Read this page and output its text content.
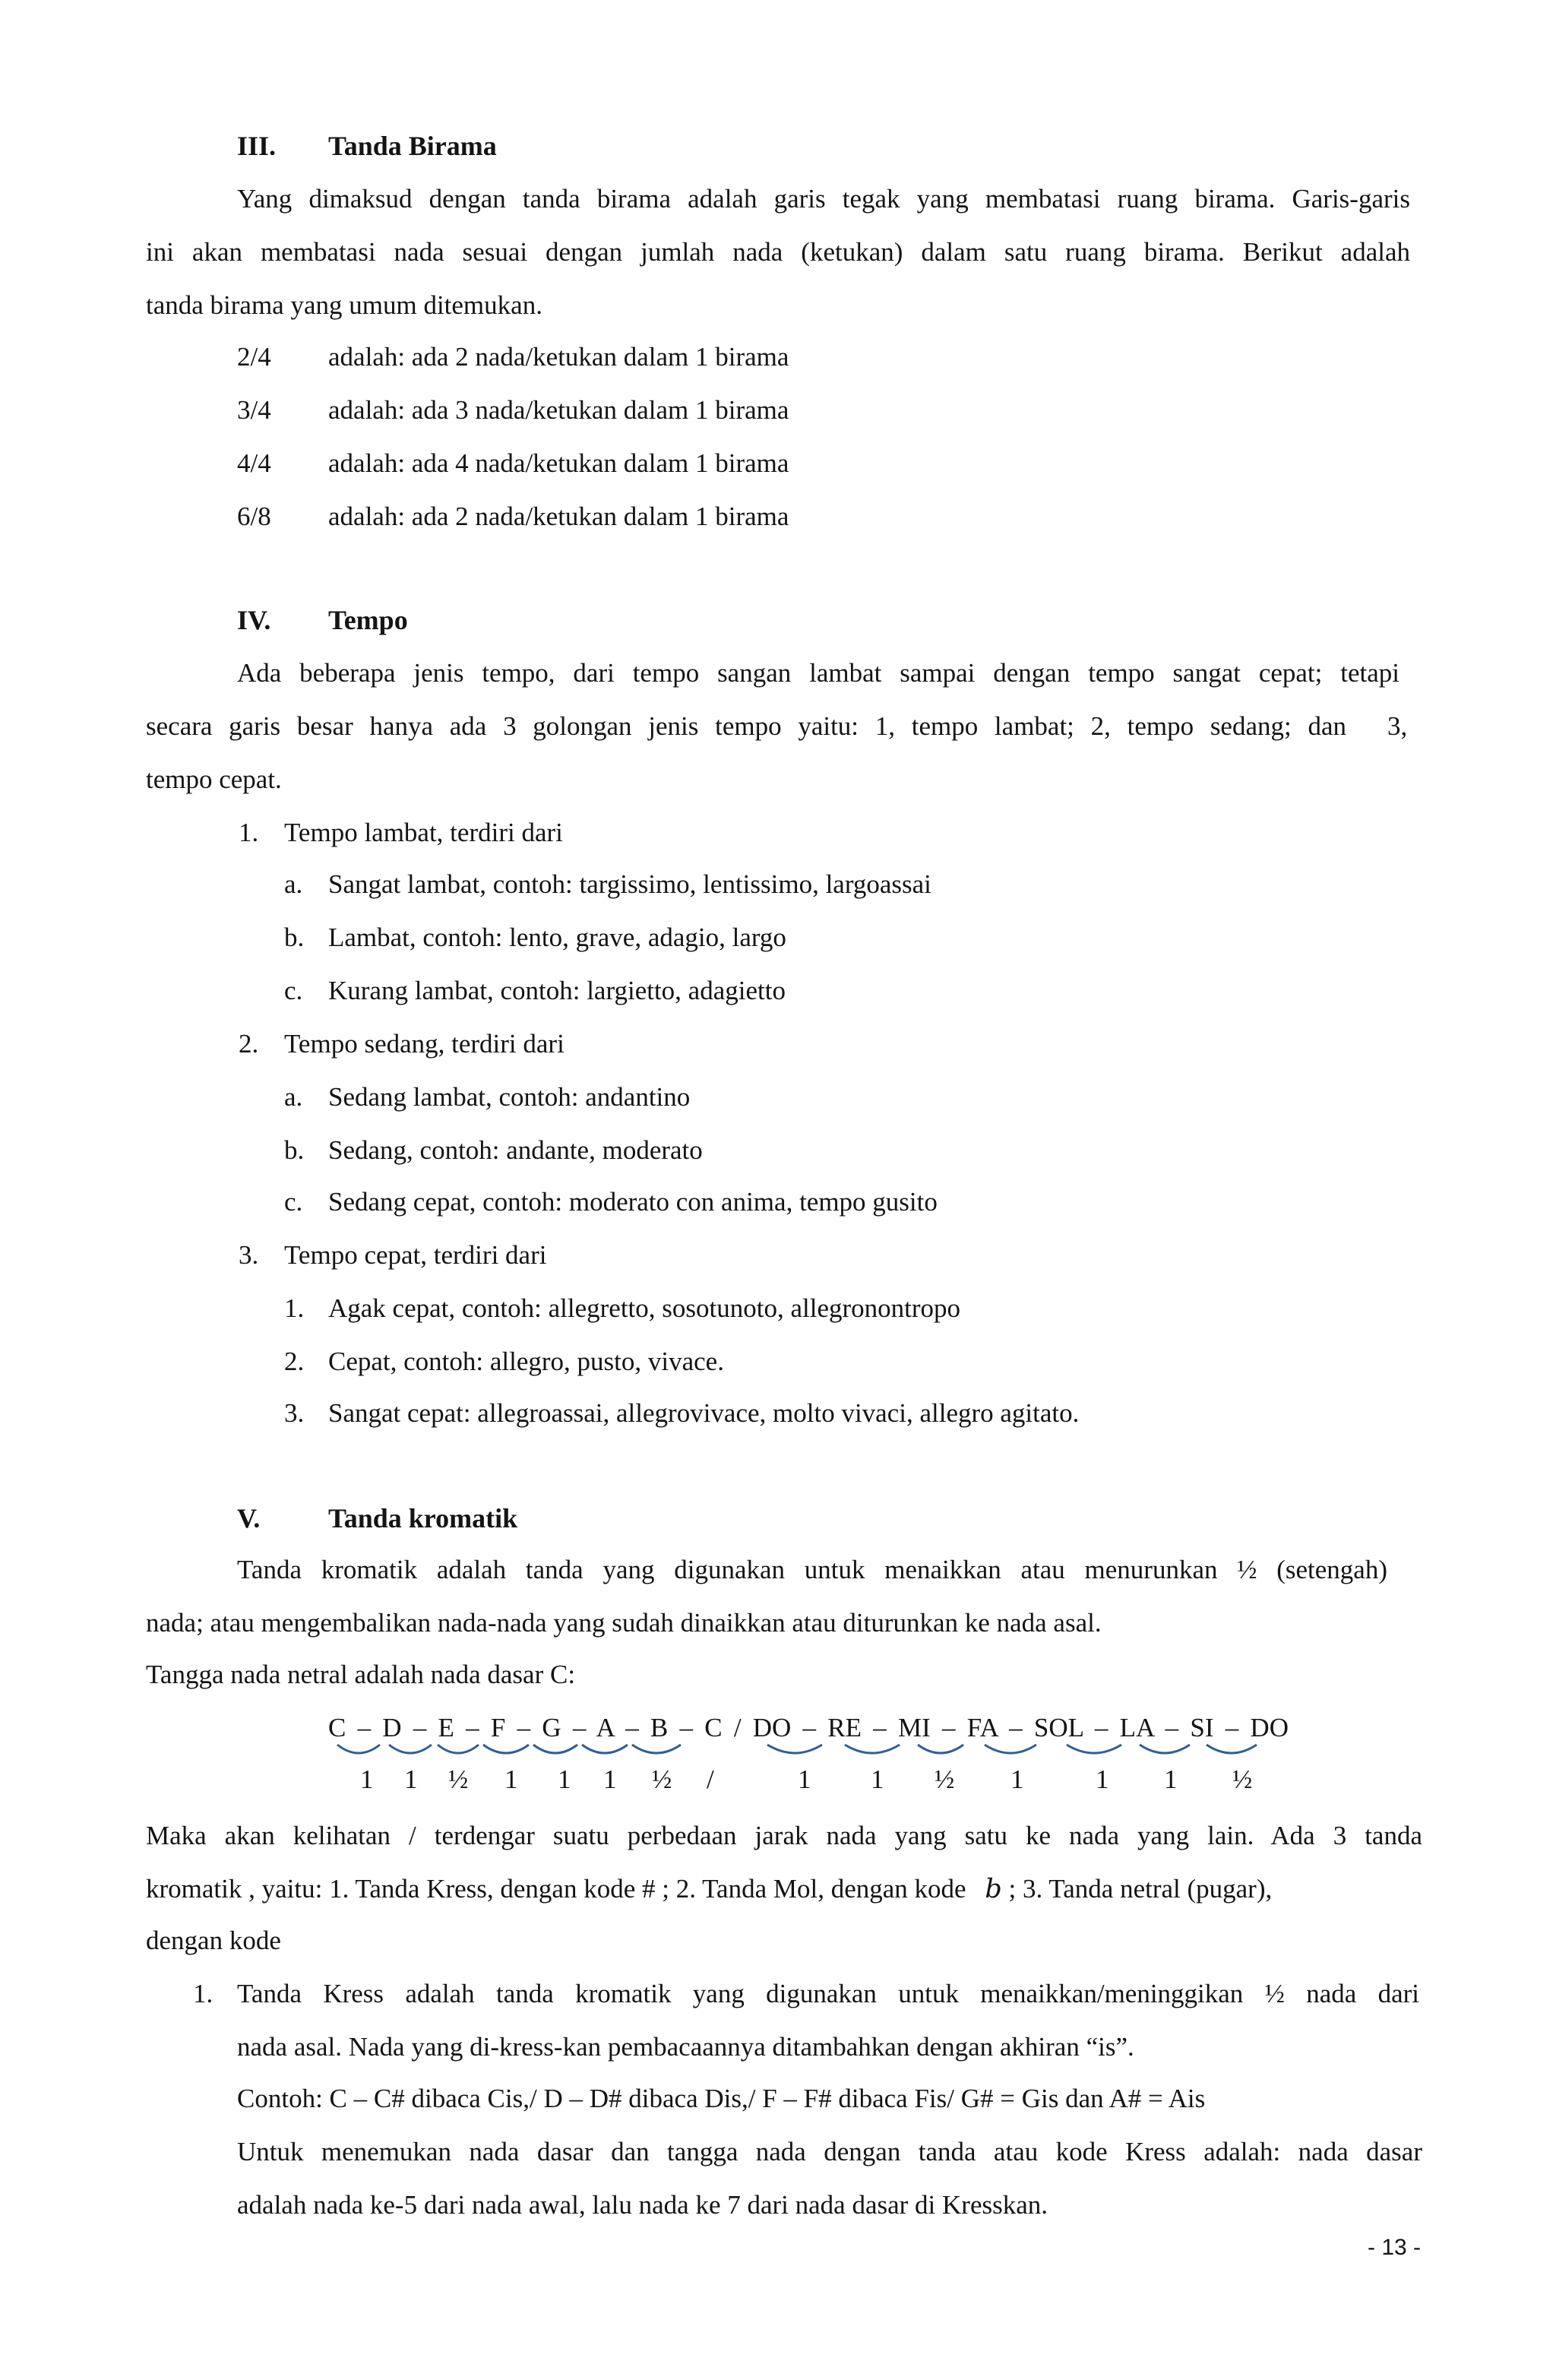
III. Tanda Birama
Yang dimaksud dengan tanda birama adalah garis tegak yang membatasi ruang birama. Garis-garis
ini akan membatasi nada sesuai dengan jumlah nada (ketukan) dalam satu ruang birama. Berikut adalah
tanda birama yang umum ditemukan.
2/4 adalah: ada 2 nada/ketukan dalam 1 birama
3/4 adalah: ada 3 nada/ketukan dalam 1 birama
4/4 adalah: ada 4 nada/ketukan dalam 1 birama
6/8 adalah: ada 2 nada/ketukan dalam 1 birama
IV. Tempo
Ada beberapa jenis tempo, dari tempo sangan lambat sampai dengan tempo sangat cepat; tetapi
secara garis besar hanya ada 3 golongan jenis tempo yaitu: 1, tempo lambat; 2, tempo sedang; dan 3,
tempo cepat.
1. Tempo lambat, terdiri dari
a. Sangat lambat, contoh: targissimo, lentissimo, largoassai
b. Lambat, contoh: lento, grave, adagio, largo
c. Kurang lambat, contoh: largietto, adagietto
2. Tempo sedang, terdiri dari
a. Sedang lambat, contoh: andantino
b. Sedang, contoh: andante, moderato
c. Sedang cepat, contoh: moderato con anima, tempo gusito
3. Tempo cepat, terdiri dari
1. Agak cepat, contoh: allegretto, sosotunoto, allegronontropo
2. Cepat, contoh: allegro, pusto, vivace.
3. Sangat cepat: allegroassai, allegrovivace, molto vivaci, allegro agitato.
V. Tanda kromatik
Tanda kromatik adalah tanda yang digunakan untuk menaikkan atau menurunkan ½ (setengah)
nada; atau mengembalikan nada-nada yang sudah dinaikkan atau diturunkan ke nada asal.
Tangga nada netral adalah nada dasar C:
C – D – E – F – G – A – B – C / DO – RE – MI – FA – SOL – LA – SI – DO
1 1 ½ 1 1 1 ½ /	1 1 ½ 1	1 1 ½
Maka akan kelihatan / terdengar suatu perbedaan jarak nada yang satu ke nada yang lain. Ada 3 tanda
kromatik , yaitu: 1. Tanda Kress, dengan kode # ; 2. Tanda Mol, dengan kode b ; 3. Tanda netral (pugar),
dengan kode
1. Tanda Kress adalah tanda kromatik yang digunakan untuk menaikkan/meninggikan ½ nada dari
nada asal. Nada yang di-kress-kan pembacaannya ditambahkan dengan akhiran “is”.
Contoh: C – C# dibaca Cis,/ D – D# dibaca Dis,/ F – F# dibaca Fis/ G# = Gis dan A# = Ais
Untuk menemukan nada dasar dan tangga nada dengan tanda atau kode Kress adalah: nada dasar
adalah nada ke-5 dari nada awal, lalu nada ke 7 dari nada dasar di Kresskan.
- 13 -
